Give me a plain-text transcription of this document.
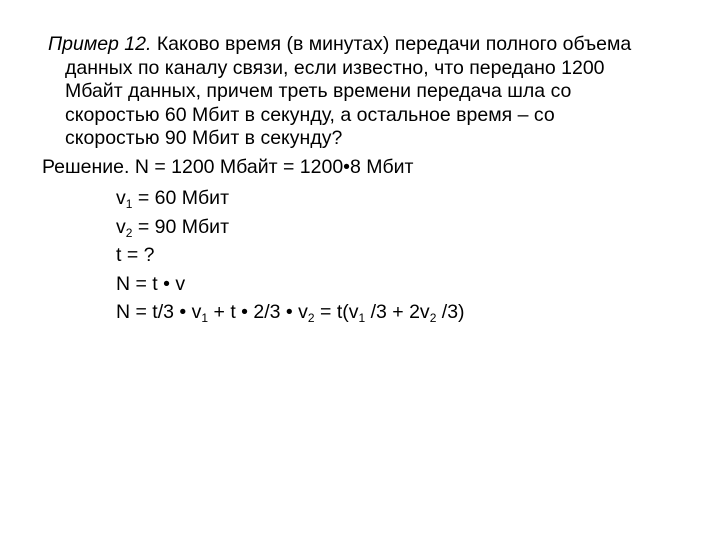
Пример 12. Каково время (в минутах) передачи полного объема
данных по каналу связи, если известно, что передано 1200
Мбайт данных, причем треть времени передача шла со
скоростью 60 Мбит в секунду, а остальное время – со
скоростью 90 Мбит в секунду?
Решение. N = 1200 Мбайт = 1200•8 Мбит
$v_1 = 60$ Мбит
$v_2 = 90$ Мбит
t = ?
N = t • v
N = t/3 • $v_1 + t$ • 2/3 • $v_2 = t(v_1$ $/3 + 2v_2$ /3)
